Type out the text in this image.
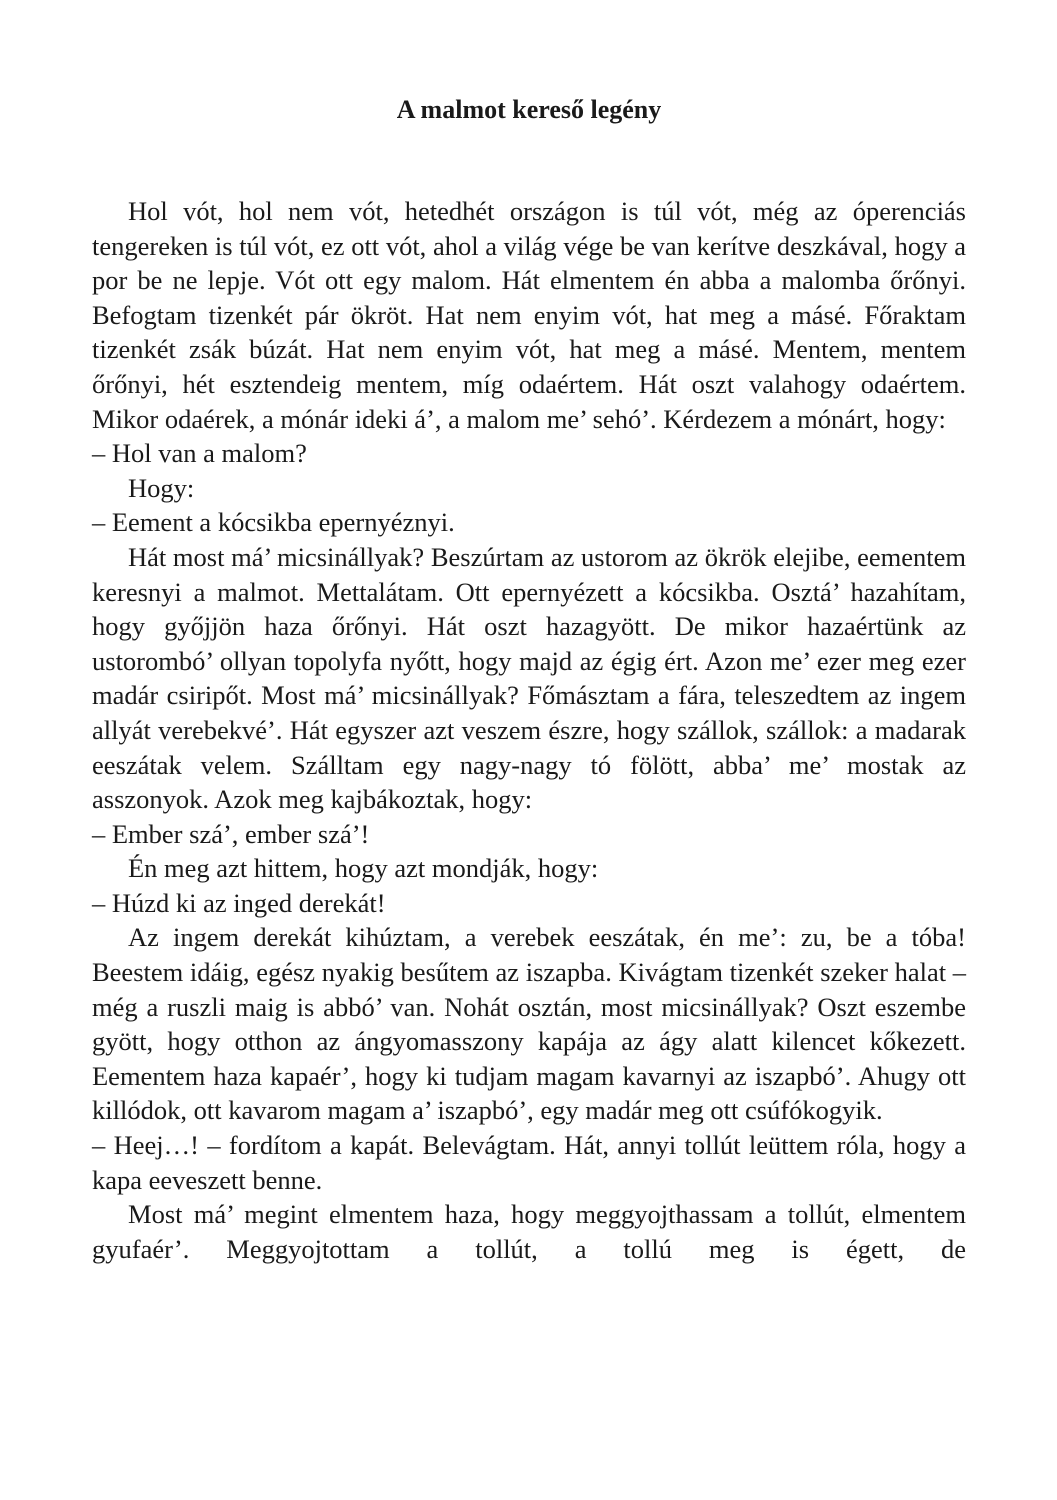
A malmot kereső legény

Hol vót, hol nem vót, hetedhét országon is túl vót, még az óperenciás tengereken is túl vót, ez ott vót, ahol a világ vége be van kerítve deszkával, hogy a por be ne lepje. Vót ott egy malom. Hát elmentem én abba a malomba őrőnyi. Befogtam tizenkét pár ökröt. Hat nem enyim vót, hat meg a másé. Főraktam tizenkét zsák búzát. Hat nem enyim vót, hat meg a másé. Mentem, mentem őrőnyi, hét esztendeig mentem, míg odaértem. Hát oszt valahogy odaértem. Mikor odaérek, a mónár ideki á’, a malom me’ sehó’. Kérdezem a mónárt, hogy:

– Hol van a malom?

Hogy:

– Eement a kócsikba epernyéznyi.

Hát most má’ micsinállyak? Beszúrtam az ustorom az ökrök elejibe, eementem keresnyi a malmot. Mettalátam. Ott epernyézett a kócsikba. Osztá’ hazahítam, hogy győjjön haza őrőnyi. Hát oszt hazagyött. De mikor hazaértünk az ustorombó’ ollyan topolyfa nyőtt, hogy majd az égig ért. Azon me’ ezer meg ezer madár csiripőt. Most má’ micsinállyak? Főmásztam a fára, teleszedtem az ingem allyát verebekvé’. Hát egyszer azt veszem észre, hogy szállok, szállok: a madarak eeszátak velem. Szálltam egy nagy-nagy tó fölött, abba’ me’ mostak az asszonyok. Azok meg kajbákoztak, hogy:

– Ember szá’, ember szá’!

Én meg azt hittem, hogy azt mondják, hogy:

– Húzd ki az inged derekát!

Az ingem derekát kihúztam, a verebek eeszátak, én me’: zu, be a tóba! Beestem idáig, egész nyakig besűtem az iszapba. Kivágtam tizenkét szeker halat – még a ruszli maig is abbó’ van. Nohát osztán, most micsinállyak? Oszt eszembe gyött, hogy otthon az ángyomasszony kapája az ágy alatt kilencet kőkezett. Eementem haza kapaér’, hogy ki tudjam magam kavarnyi az iszapbó’. Ahugy ott killódok, ott kavarom magam a’ iszapbó’, egy madár meg ott csúfókogyik.

– Heej…! – fordítom a kapát. Belevágtam. Hát, annyi tollút leüttem róla, hogy a kapa eeveszett benne.

Most má’ megint elmentem haza, hogy meggyojthassam a tollút, elmentem gyufaér’. Meggyojtottam a tollút, a tollú meg is égett, de
